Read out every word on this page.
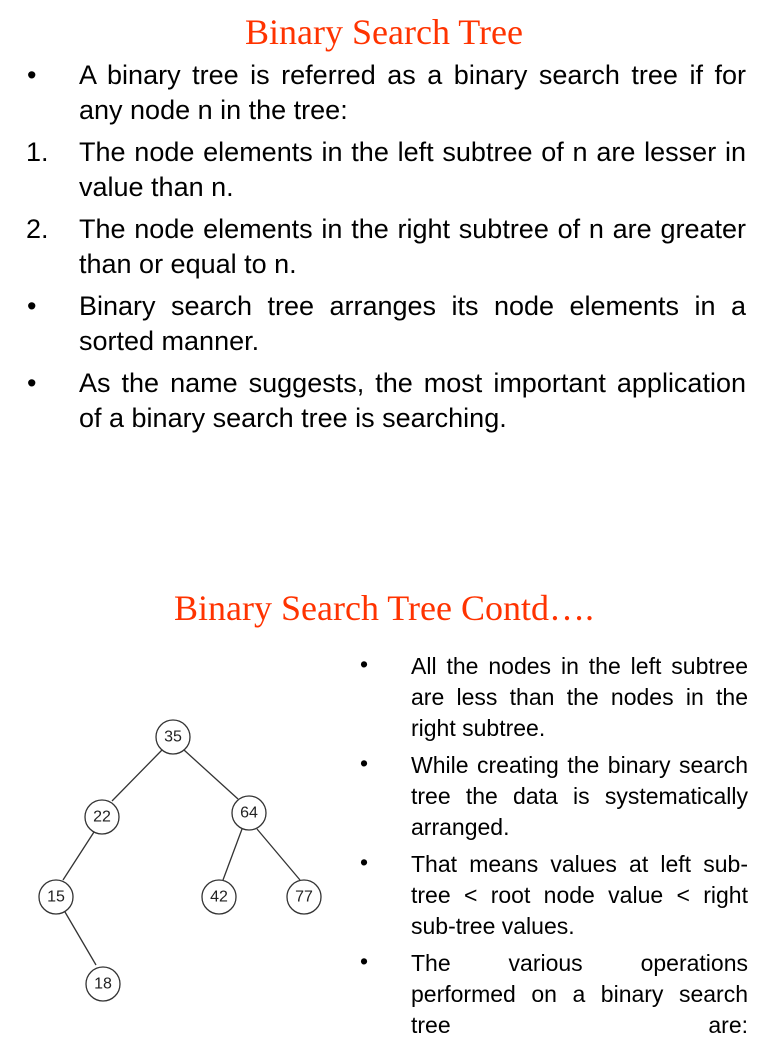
Binary Search Tree
• A binary tree is referred as a binary search tree if for any node n in the tree:
1. The node elements in the left subtree of n are lesser in value than n.
2. The node elements in the right subtree of n are greater than or equal to n.
• Binary search tree arranges its node elements in a sorted manner.
• As the name suggests, the most important application of a binary search tree is searching.
Binary Search Tree Contd….
35
22	64
15	42	77
18
• All the nodes in the left subtree are less than the nodes in the right subtree.
• While creating the binary search tree the data is systematically arranged.
• That means values at left sub-tree < root node value < right sub-tree values.
• The various operations performed on a binary search tree are:
